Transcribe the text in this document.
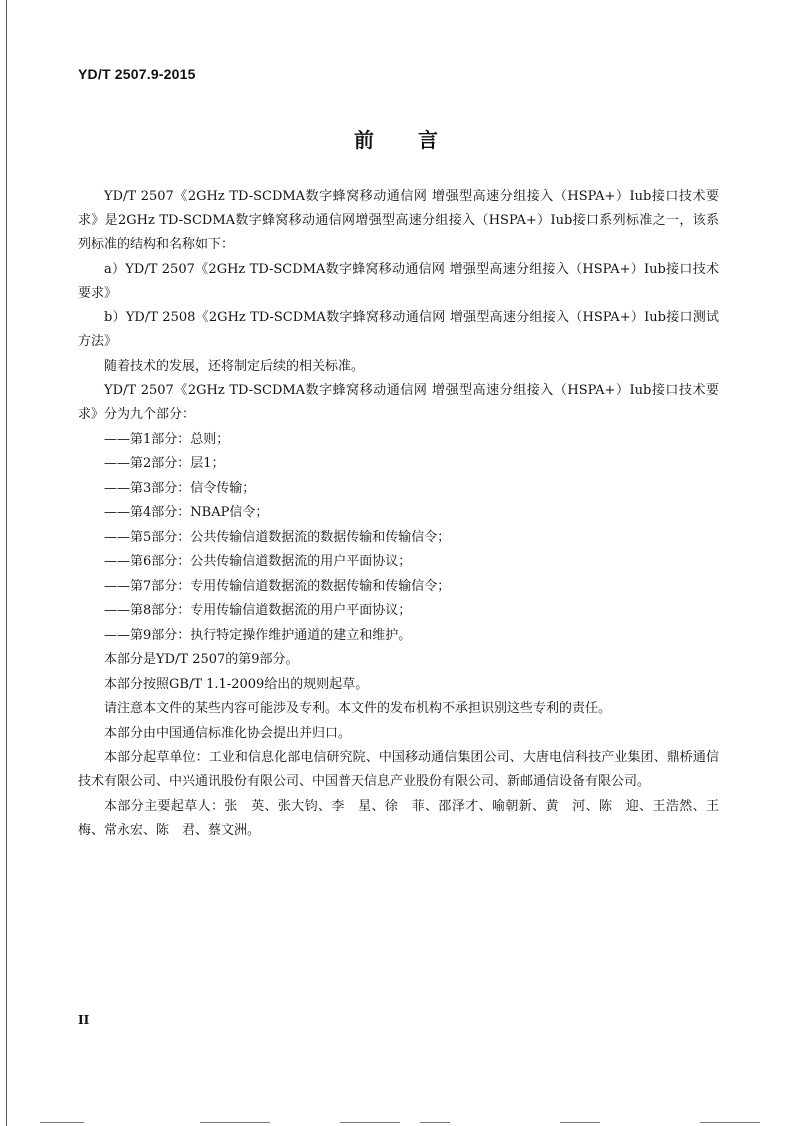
YD/T 2507.9-2015
前言

YD/T 2507《2GHz TD-SCDMA数字蜂窝移动通信网 增强型高速分组接入（HSPA+）Iub接口技术要求》是2GHz TD-SCDMA数字蜂窝移动通信网增强型高速分组接入（HSPA+）Iub接口系列标准之一，该系列标准的结构和名称如下：

a）YD/T 2507《2GHz TD-SCDMA数字蜂窝移动通信网 增强型高速分组接入（HSPA+）Iub接口技术要求》

b）YD/T 2508《2GHz TD-SCDMA数字蜂窝移动通信网 增强型高速分组接入（HSPA+）Iub接口测试方法》

随着技术的发展，还将制定后续的相关标准。

YD/T 2507《2GHz TD-SCDMA数字蜂窝移动通信网 增强型高速分组接入（HSPA+）Iub接口技术要求》分为九个部分：

——第1部分：总则；

——第2部分：层1；

——第3部分：信令传输；

——第4部分：NBAP信令；

——第5部分：公共传输信道数据流的数据传输和传输信令；

——第6部分：公共传输信道数据流的用户平面协议；

——第7部分：专用传输信道数据流的数据传输和传输信令；

——第8部分：专用传输信道数据流的用户平面协议；

——第9部分：执行特定操作维护通道的建立和维护。

本部分是YD/T 2507的第9部分。

本部分按照GB/T 1.1-2009给出的规则起草。

请注意本文件的某些内容可能涉及专利。本文件的发布机构不承担识别这些专利的责任。

本部分由中国通信标准化协会提出并归口。

本部分起草单位：工业和信息化部电信研究院、中国移动通信集团公司、大唐电信科技产业集团、鼎桥通信技术有限公司、中兴通讯股份有限公司、中国普天信息产业股份有限公司、新邮通信设备有限公司。

本部分主要起草人：张　英、张大钧、李　星、徐　菲、邵泽才、喻朝新、黄　河、陈　迎、王浩然、王　梅、常永宏、陈　君、蔡文洲。

II
